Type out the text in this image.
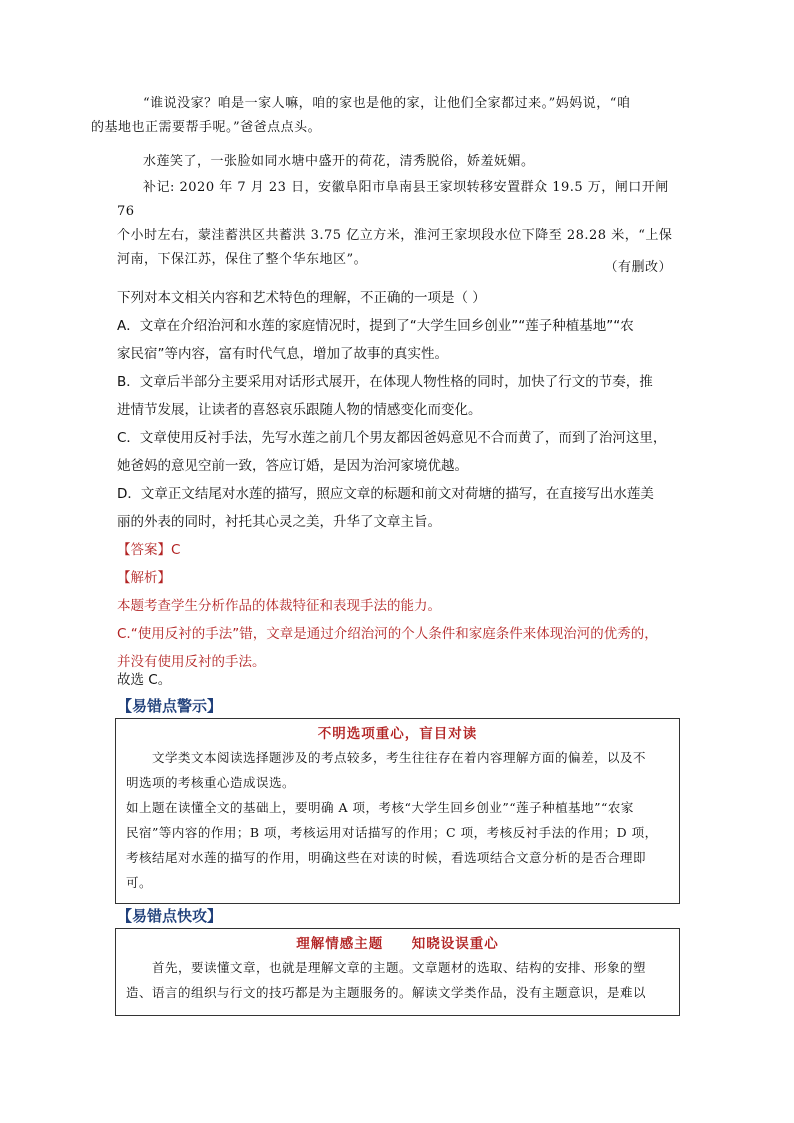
“谁说没家？咱是一家人嘛，咱的家也是他的家，让他们全家都过来。”妈妈说，“咱
的基地也正需要帮手呢。”爸爸点点头。

水莲笑了，一张脸如同水塘中盛开的荷花，清秀脱俗，娇羞妩媚。

补记: 2020 年 7 月 23 日，安徽阜阳市阜南县王家坝转移安置群众 19.5 万，闸口开闸 76
个小时左右，蒙洼蓄洪区共蓄洪 3.75 亿立方米，淮河王家坝段水位下降至 28.28 米，“上保
河南，下保江苏，保住了整个华东地区”。

（有删改）

下列对本文相关内容和艺术特色的理解，不正确的一项是（ ）

A．文章在介绍治河和水莲的家庭情况时，提到了“大学生回乡创业”“莲子种植基地”“农
家民宿”等内容，富有时代气息，增加了故事的真实性。

B．文章后半部分主要采用对话形式展开，在体现人物性格的同时，加快了行文的节奏，推
进情节发展，让读者的喜怒哀乐跟随人物的情感变化而变化。

C．文章使用反衬手法，先写水莲之前几个男友都因爸妈意见不合而黄了，而到了治河这里，
她爸妈的意见空前一致，答应订婚，是因为治河家境优越。

D．文章正文结尾对水莲的描写，照应文章的标题和前文对荷塘的描写，在直接写出水莲美
丽的外表的同时，衬托其心灵之美，升华了文章主旨。

【答案】C

【解析】

本题考查学生分析作品的体裁特征和表现手法的能力。

C.“使用反衬的手法”错，文章是通过介绍治河的个人条件和家庭条件来体现治河的优秀的，
并没有使用反衬的手法。

故选 C。

【易错点警示】
不明选项重心，盲目对读

文学类文本阅读选择题涉及的考点较多，考生往往存在着内容理解方面的偏差，以及不
明选项的考核重心造成误选。

如上题在读懂全文的基础上，要明确 A 项，考核“大学生回乡创业”“莲子种植基地”“农家
民宿”等内容的作用；B 项，考核运用对话描写的作用；C 项，考核反衬手法的作用；D 项，
考核结尾对水莲的描写的作用，明确这些在对读的时候，看选项结合文意分析的是否合理即
可。

【易错点快攻】
理解情感主题     知晓设误重心

首先，要读懂文章，也就是理解文章的主题。文章题材的选取、结构的安排、形象的塑
造、语言的组织与行文的技巧都是为主题服务的。解读文学类作品，没有主题意识，是难以
